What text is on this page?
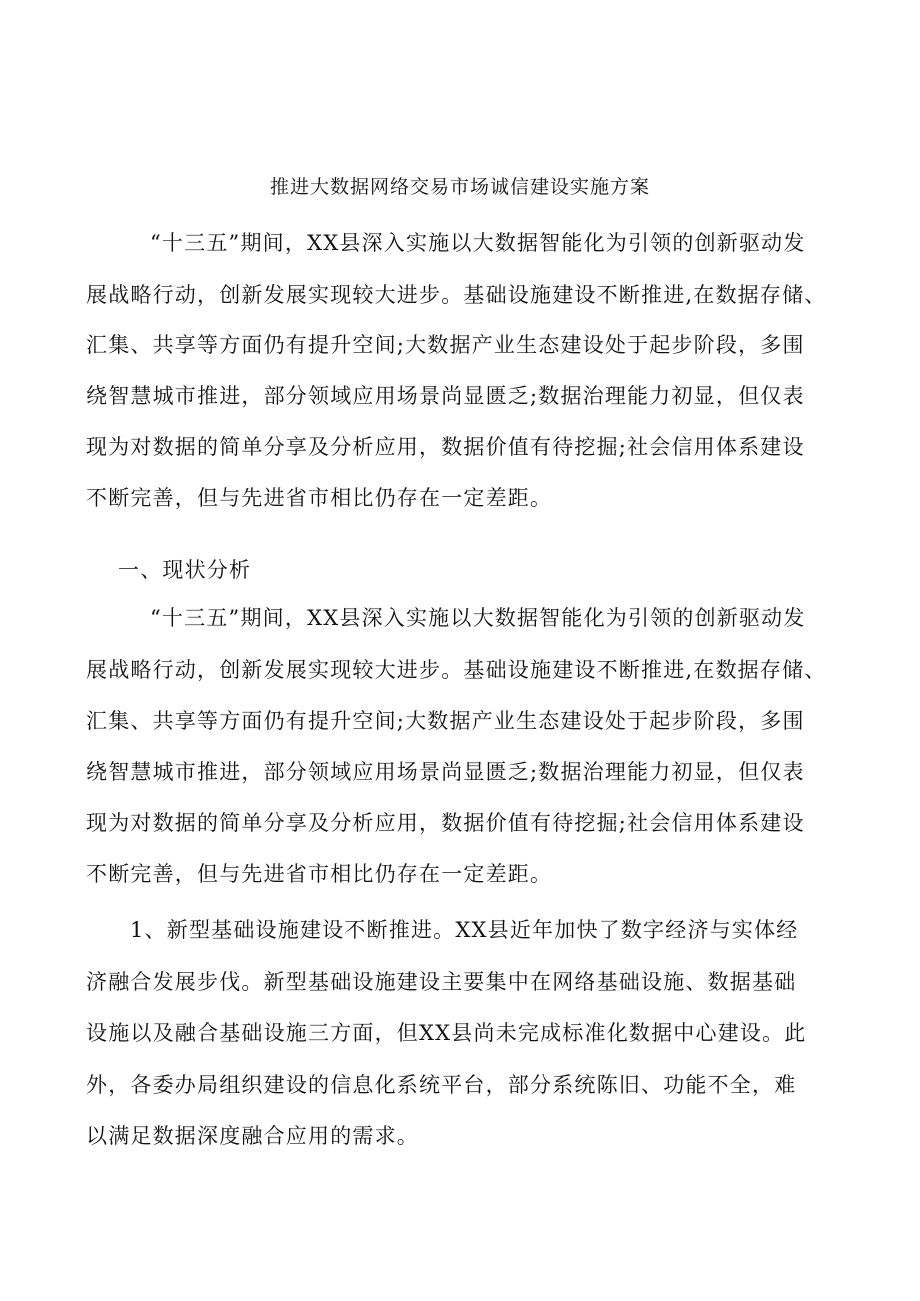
推进大数据网络交易市场诚信建设实施方案
“十三五”期间，XX县深入实施以大数据智能化为引领的创新驱动发
展战略行动，创新发展实现较大进步。基础设施建设不断推进,在数据存储、
汇集、共享等方面仍有提升空间;大数据产业生态建设处于起步阶段，多围
绕智慧城市推进，部分领域应用场景尚显匮乏;数据治理能力初显，但仅表
现为对数据的简单分享及分析应用，数据价值有待挖掘;社会信用体系建设
不断完善，但与先进省市相比仍存在一定差距。
一、现状分析
“十三五”期间，XX县深入实施以大数据智能化为引领的创新驱动发
展战略行动，创新发展实现较大进步。基础设施建设不断推进,在数据存储、
汇集、共享等方面仍有提升空间;大数据产业生态建设处于起步阶段，多围
绕智慧城市推进，部分领域应用场景尚显匮乏;数据治理能力初显，但仅表
现为对数据的简单分享及分析应用，数据价值有待挖掘;社会信用体系建设
不断完善，但与先进省市相比仍存在一定差距。
1、新型基础设施建设不断推进。XX县近年加快了数字经济与实体经
济融合发展步伐。新型基础设施建设主要集中在网络基础设施、数据基础
设施以及融合基础设施三方面，但XX县尚未完成标准化数据中心建设。此
外，各委办局组织建设的信息化系统平台，部分系统陈旧、功能不全，难
以满足数据深度融合应用的需求。
